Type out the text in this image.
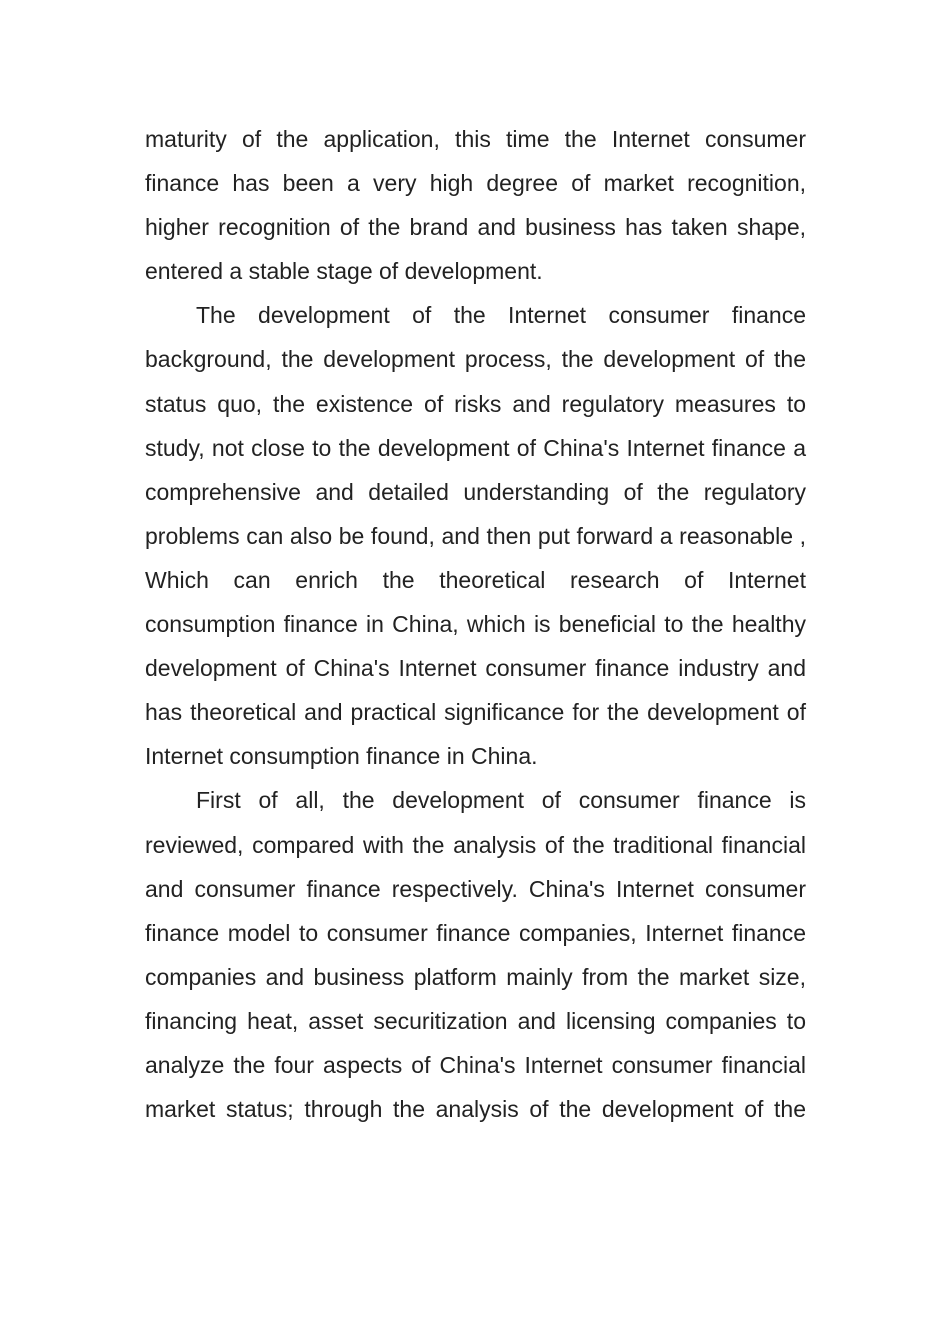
maturity of the application, this time the Internet consumer finance has been a very high degree of market recognition, higher recognition of the brand and business has taken shape, entered a stable stage of development.

The development of the Internet consumer finance background, the development process, the development of the status quo, the existence of risks and regulatory measures to study, not close to the development of China's Internet finance a comprehensive and detailed understanding of the regulatory problems can also be found, and then put forward a reasonable , Which can enrich the theoretical research of Internet consumption finance in China, which is beneficial to the healthy development of China's Internet consumer finance industry and has theoretical and practical significance for the development of Internet consumption finance in China.

First of all, the development of consumer finance is reviewed, compared with the analysis of the traditional financial and consumer finance respectively. China's Internet consumer finance model to consumer finance companies, Internet finance companies and business platform mainly from the market size, financing heat, asset securitization and licensing companies to analyze the four aspects of China's Internet consumer financial market status; through the analysis of the development of the
